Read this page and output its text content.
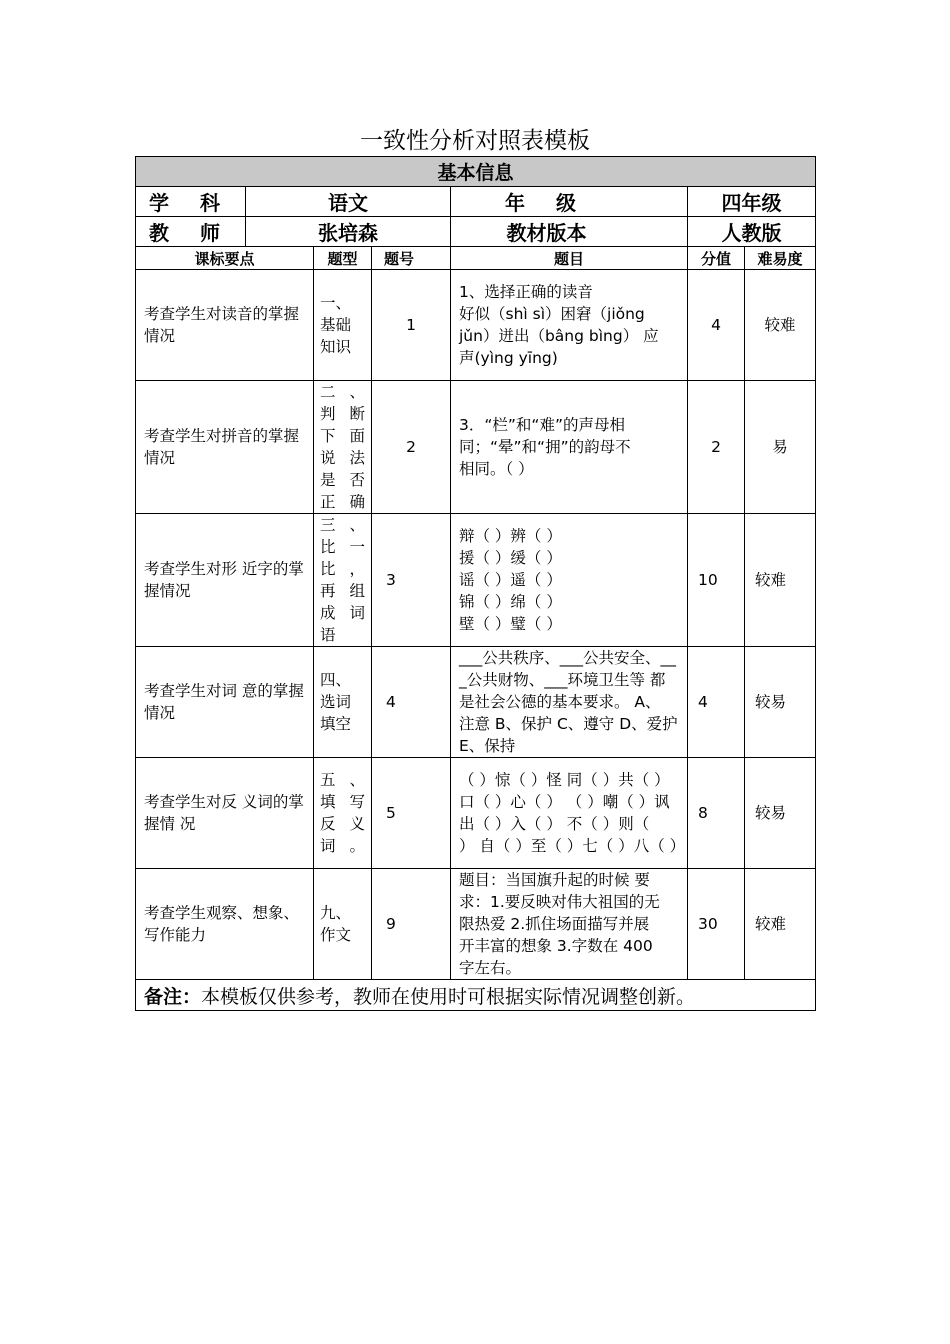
一致性分析对照表模板
基本信息						
学 科	语文			年 级	四年级	
教 师	张培森			教材版本	人教版	
课标要点		题型	题号	题目	分值	难易度
考查学生对读音的掌握情况		一、基础知识	1	1、选择正确的读音
好似（shì sì）困窘（jiǒng
jǔn）迸出（bâng bìng） 应
声(yìng yīng)	4	较难
考查学生对拼音的掌握情况		二、判断下面说法是否正确	2	3．“栏”和“难”的声母相
同；“晕”和“拥”的韵母不
相同。（ ）	2	易
考查学生对形 近字的掌握情况		三、比一比，再组成词语	3	辩（ ）辨（ ）
援（ ）缓（ ）
谣（ ）遥（ ）
锦（ ）绵（ ）
壁（ ）璧（ ）	10	较难
考查学生对词 意的掌握情况		四、选词填空	4	___公共秩序、___公共安全、__
_公共财物、___环境卫生等 都
是社会公德的基本要求。 A、
注意 B、保护 C、遵守 D、爱护
E、保持	4	较易
考查学生对反 义词的掌握情 况		五、填写反 义词。	5	（ ）惊（ ）怪 同（ ）共（ ）
口（ ）心（ ） （ ）嘲（ ）讽
出（ ）入（ ） 不（ ）则（
） 自（ ）至（ ）七（ ）八（ ）	8	较易
考查学生观察、想象、写作能力		九、作文	9	题目：当国旗升起的时候 要
求：1.要反映对伟大祖国的无
限热爱 2.抓住场面描写并展
开丰富的想象 3.字数在 400
字左右。	30	较难
备注：本模板仅供参考，教师在使用时可根据实际情况调整创新。						
